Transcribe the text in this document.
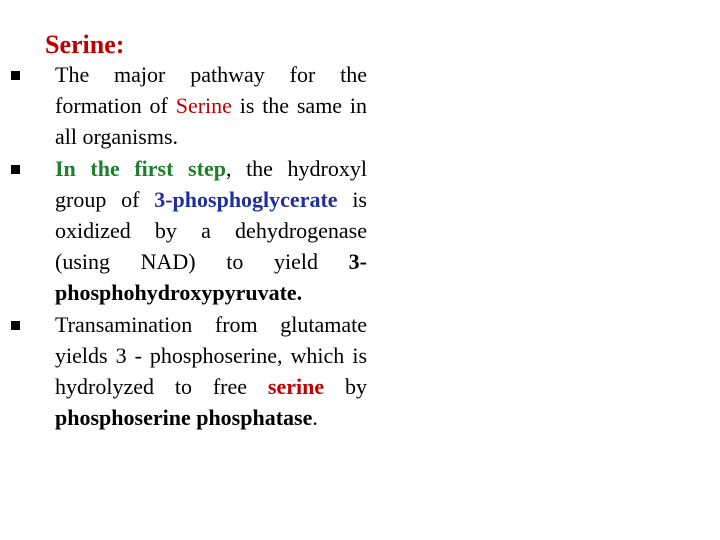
Serine:
The major pathway for the formation of Serine is the same in all organisms.
In the first step, the hydroxyl group of 3-phosphoglycerate is oxidized by a dehydrogenase (using NAD) to yield 3-phosphohydroxypyruvate.
Transamination from glutamate yields 3 - phosphoserine, which is hydrolyzed to free serine by phosphoserine phosphatase.
